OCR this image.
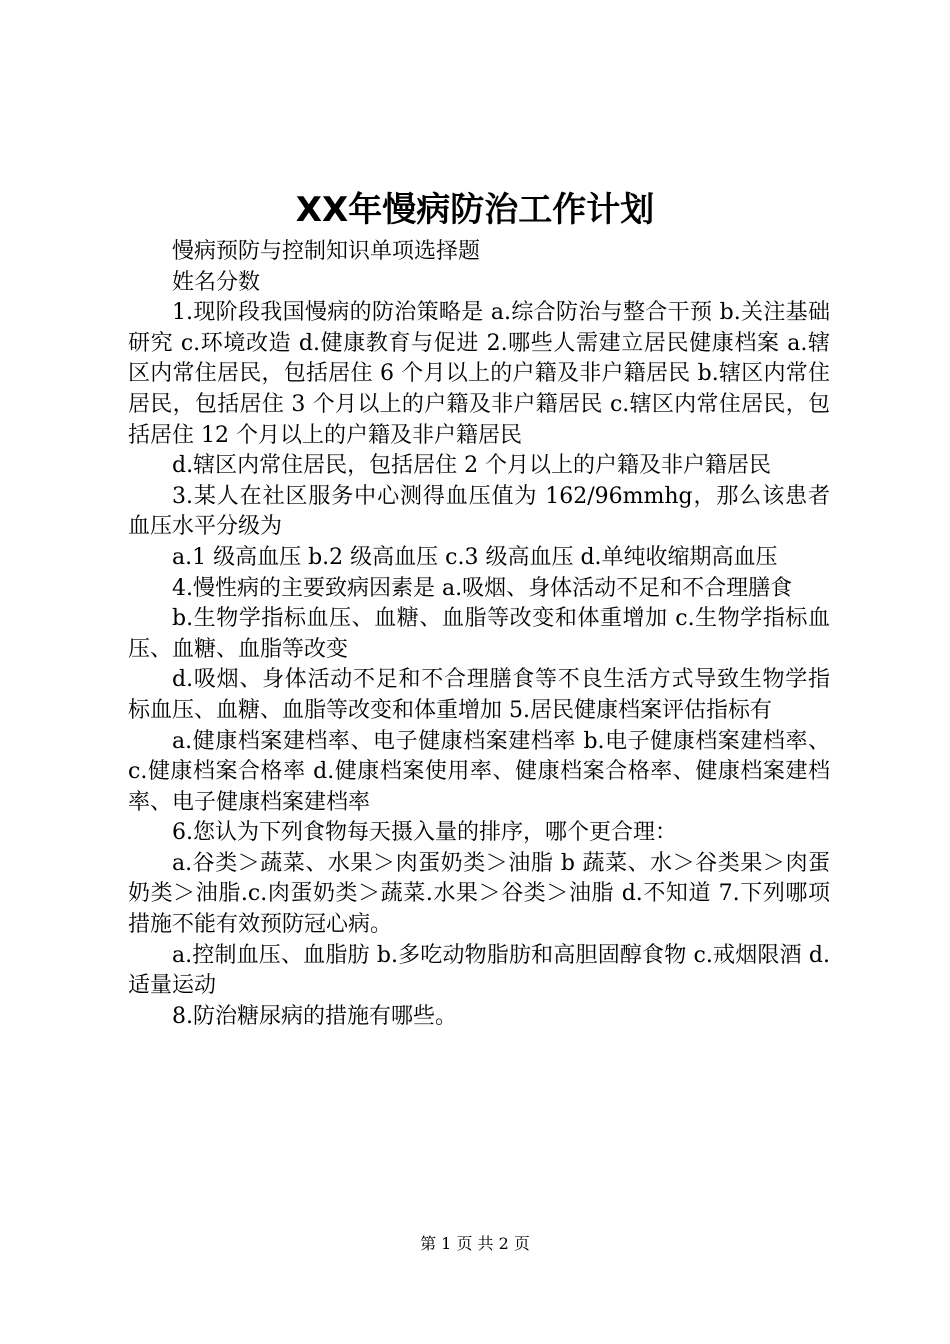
XX年慢病防治工作计划

慢病预防与控制知识单项选择题

姓名分数

1.现阶段我国慢病的防治策略是 a.综合防治与整合干预 b.关注基础研究 c.环境改造 d.健康教育与促进 2.哪些人需建立居民健康档案 a.辖区内常住居民，包括居住 6 个月以上的户籍及非户籍居民 b.辖区内常住居民，包括居住 3 个月以上的户籍及非户籍居民 c.辖区内常住居民，包括居住 12 个月以上的户籍及非户籍居民

d.辖区内常住居民，包括居住 2 个月以上的户籍及非户籍居民

3.某人在社区服务中心测得血压值为 162/96mmhg，那么该患者血压水平分级为

a.1 级高血压 b.2 级高血压 c.3 级高血压 d.单纯收缩期高血压

4.慢性病的主要致病因素是 a.吸烟、身体活动不足和不合理膳食

b.生物学指标血压、血糖、血脂等改变和体重增加 c.生物学指标血压、血糖、血脂等改变

d.吸烟、身体活动不足和不合理膳食等不良生活方式导致生物学指标血压、血糖、血脂等改变和体重增加 5.居民健康档案评估指标有

a.健康档案建档率、电子健康档案建档率 b.电子健康档案建档率、c.健康档案合格率 d.健康档案使用率、健康档案合格率、健康档案建档率、电子健康档案建档率

6.您认为下列食物每天摄入量的排序，哪个更合理：

a.谷类＞蔬菜、水果＞肉蛋奶类＞油脂 b 蔬菜、水＞谷类果＞肉蛋奶类＞油脂.c.肉蛋奶类＞蔬菜.水果＞谷类＞油脂 d.不知道 7.下列哪项措施不能有效预防冠心病。

a.控制血压、血脂肪 b.多吃动物脂肪和高胆固醇食物 c.戒烟限酒 d.适量运动

8.防治糖尿病的措施有哪些。

第 1 页 共 2 页
